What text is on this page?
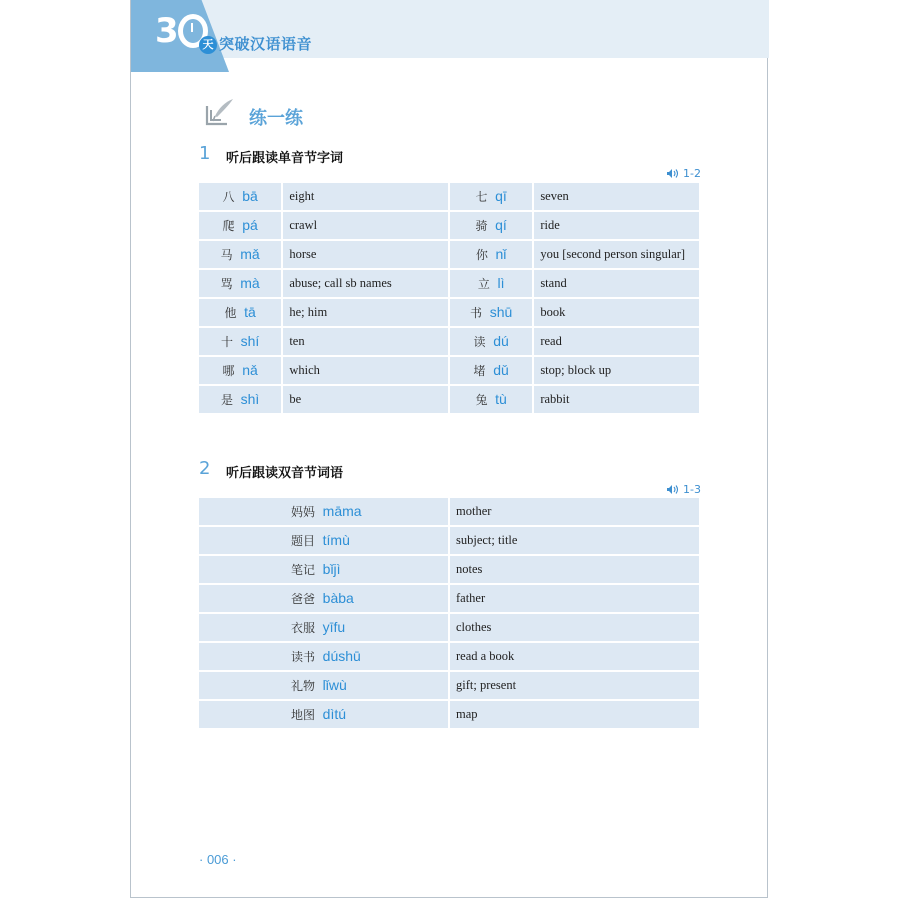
3	天 突破汉语语音
练一练
1 听后跟读单音节字词
1-2
八 bā	eight	七 qī	seven
爬 pá	crawl	骑 qí	ride
马 mǎ	horse	你 nǐ	you [second person singular]
骂 mà	abuse; call sb names	立 lì	stand
他 tā	he; him	书 shū	book
十 shí	ten	读 dú	read
哪 nǎ	which	堵 dǔ	stop; block up
是 shì	be	兔 tù	rabbit
2 听后跟读双音节词语
1-3
妈妈 māma	mother
题目 tímù	subject; title
笔记 bǐjì	notes
爸爸 bàba	father
衣服 yīfu	clothes
读书 dúshū	read a book
礼物 lǐwù	gift; present
地图 dìtú	map
· 006 ·
